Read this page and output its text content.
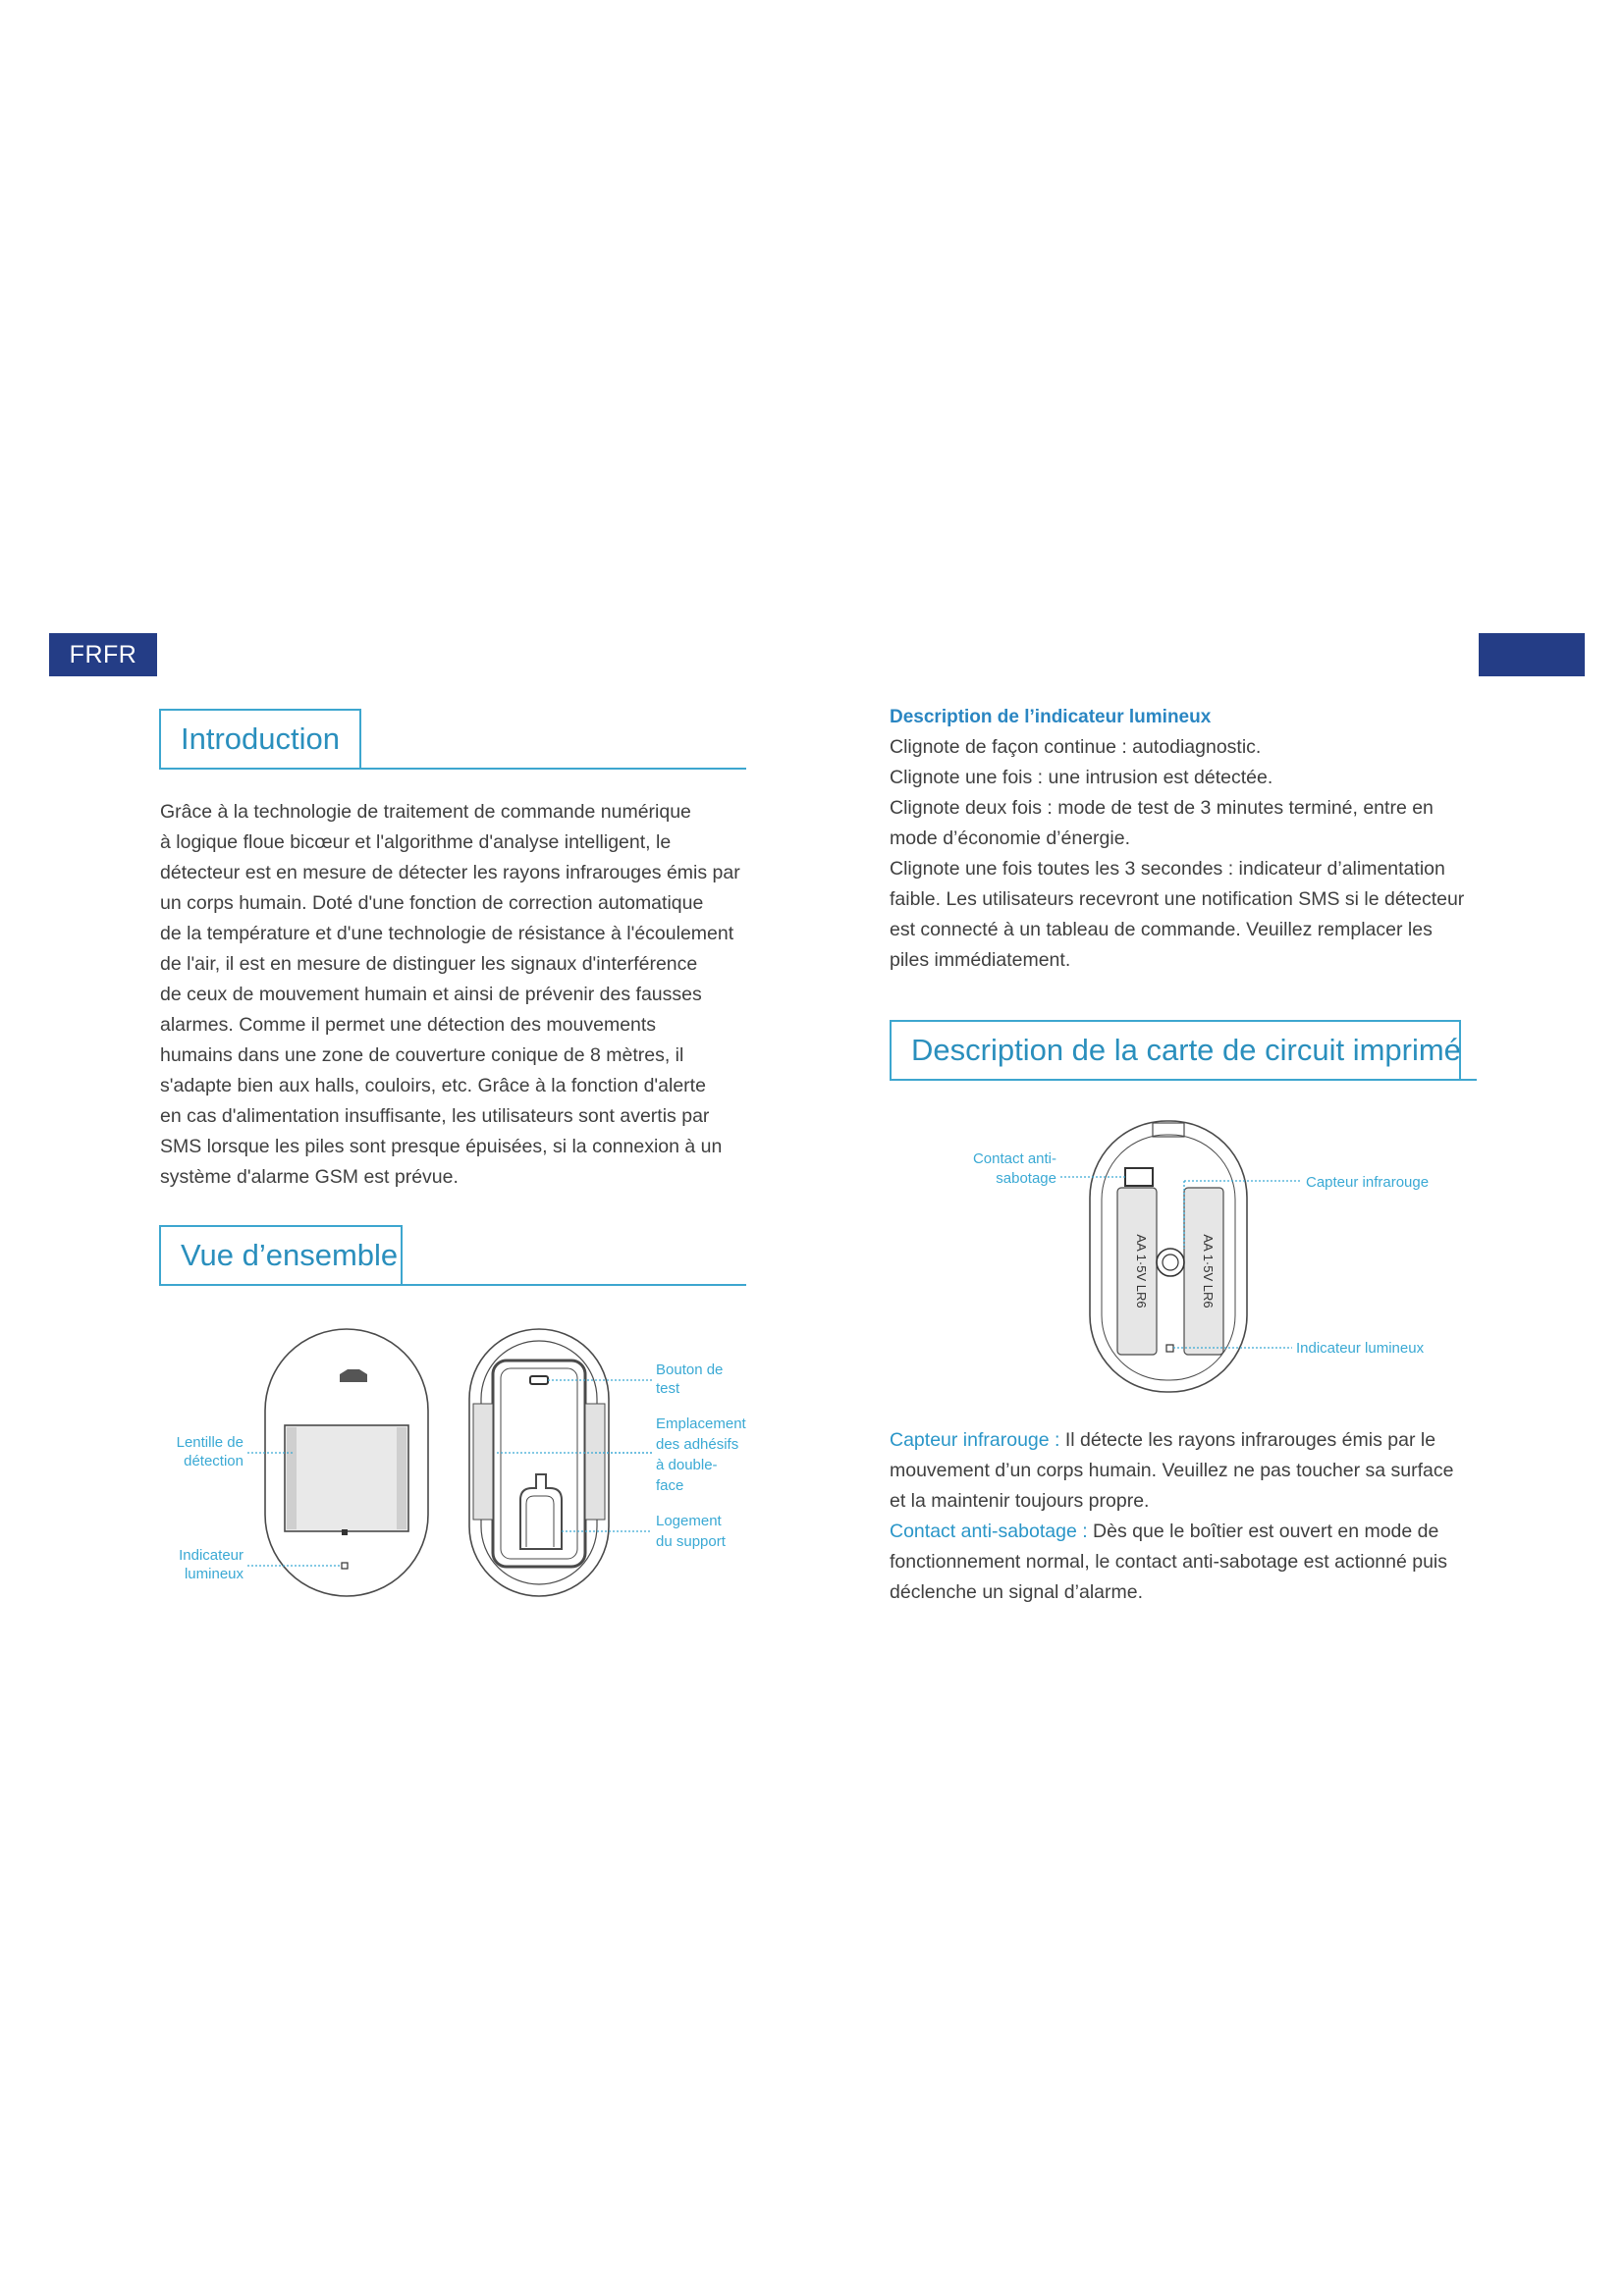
FRFR
Introduction

Grâce à la technologie de traitement de commande numérique

à logique floue bicœur et l'algorithme d'analyse intelligent, le

détecteur est en mesure de détecter les rayons infrarouges émis par

un corps humain. Doté d'une fonction de correction automatique

de la température et d'une technologie de résistance à l'écoulement

de l'air, il est en mesure de distinguer les signaux d'interférence

de ceux de mouvement humain et ainsi de prévenir des fausses

alarmes. Comme il permet une détection des mouvements

humains dans une zone de couverture conique de 8 mètres, il

s'adapte bien aux halls, couloirs, etc. Grâce à la fonction d'alerte

en cas d'alimentation insuffisante, les utilisateurs sont avertis par

SMS lorsque les piles sont presque épuisées, si la connexion à un

système d'alarme GSM est prévue.

Vue d’ensemble
Lentille de
détection
Indicateur
lumineux
Bouton de
test
Emplacement
des adhésifs
à double-
face
Logement
du support

Description de l’indicateur lumineux

Clignote de façon continue : autodiagnostic.

Clignote une fois : une intrusion est détectée.

Clignote deux fois : mode de test de 3 minutes terminé, entre en

mode d’économie d’énergie.

Clignote une fois toutes les 3 secondes : indicateur d’alimentation

faible. Les utilisateurs recevront une notification SMS si le détecteur

est connecté à un tableau de commande. Veuillez remplacer les

piles immédiatement.

Description de la carte de circuit imprimé
AA 1·5V LR6	AA 1·5V LR6
Contact anti-
sabotage	Capteur infrarouge
Indicateur lumineux

Capteur infrarouge : Il détecte les rayons infrarouges émis par le

mouvement d’un corps humain. Veuillez ne pas toucher sa surface

et la maintenir toujours propre.

Contact anti-sabotage : Dès que le boîtier est ouvert en mode de

fonctionnement normal, le contact anti-sabotage est actionné puis

déclenche un signal d’alarme.
